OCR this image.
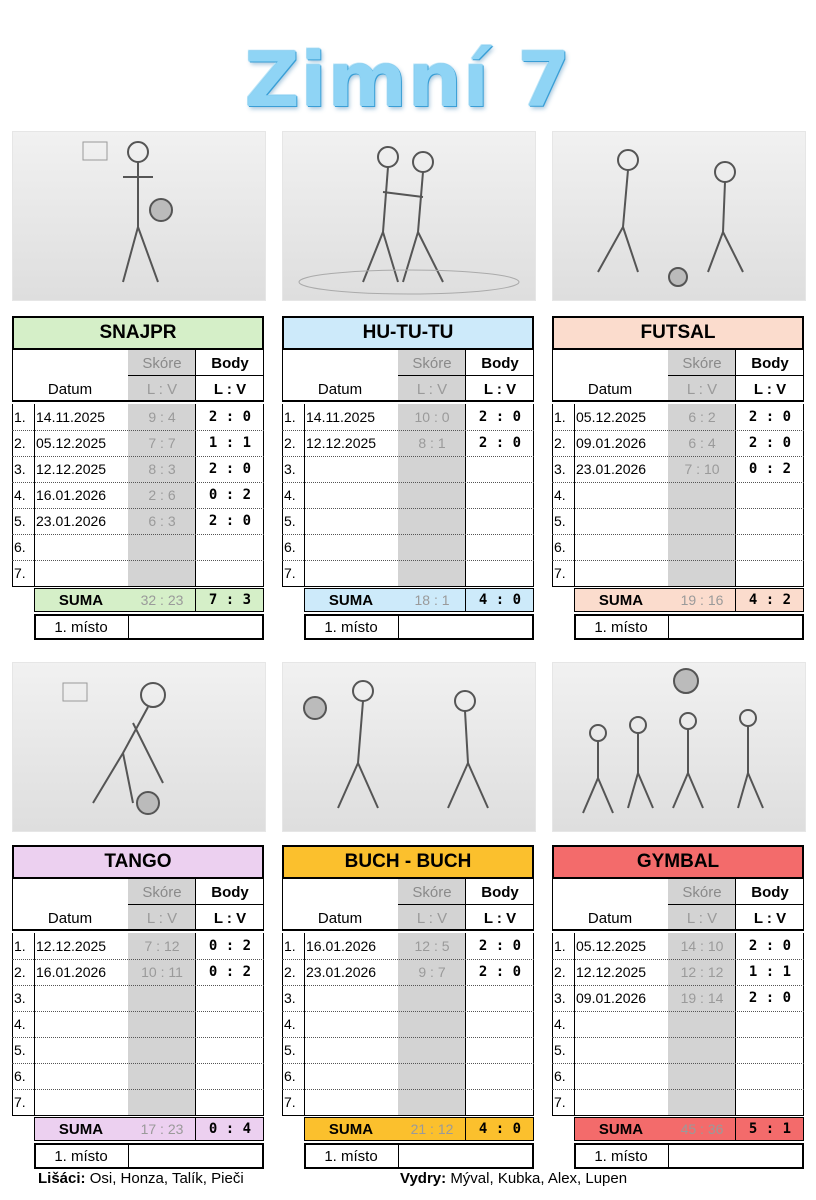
Zimní 7
SNAJPR
Skóre	Body
Datum	L : V	L : V
1. 14.11.2025	9 : 4	2 : 0
2. 05.12.2025	7 : 7	1 : 1
3. 12.12.2025	8 : 3	2 : 0
4. 16.01.2026	2 : 6	0 : 2
5. 23.01.2026	6 : 3	2 : 0
6.
7.
SUMA	32 : 23	7 : 3
1. místo
HU-TU-TU
Skóre	Body
Datum	L : V	L : V
1. 14.11.2025	10 : 0	2 : 0
2. 12.12.2025	8 : 1	2 : 0
3.
4.
5.
6.
7.
SUMA	18 : 1	4 : 0
1. místo
FUTSAL
Skóre	Body
Datum	L : V	L : V
1. 05.12.2025	6 : 2	2 : 0
2. 09.01.2026	6 : 4	2 : 0
3. 23.01.2026	7 : 10	0 : 2
4.
5.
6.
7.
SUMA	19 : 16	4 : 2
1. místo
TANGO
Skóre	Body
Datum	L : V	L : V
1. 12.12.2025	7 : 12	0 : 2
2. 16.01.2026	10 : 11	0 : 2
3.
4.
5.
6.
7.
SUMA	17 : 23	0 : 4
1. místo
BUCH - BUCH
Skóre	Body
Datum	L : V	L : V
1. 16.01.2026	12 : 5	2 : 0
2. 23.01.2026	9 : 7	2 : 0
3.
4.
5.
6.
7.
SUMA	21 : 12	4 : 0
1. místo
GYMBAL
Skóre	Body
Datum	L : V	L : V
1. 05.12.2025	14 : 10	2 : 0
2. 12.12.2025	12 : 12	1 : 1
3. 09.01.2026	19 : 14	2 : 0
4.
5.
6.
7.
SUMA	45 : 36	5 : 1
1. místo
Lišáci: Osi, Honza, Talík, Pieči	Vydry: Mýval, Kubka, Alex, Lupen
